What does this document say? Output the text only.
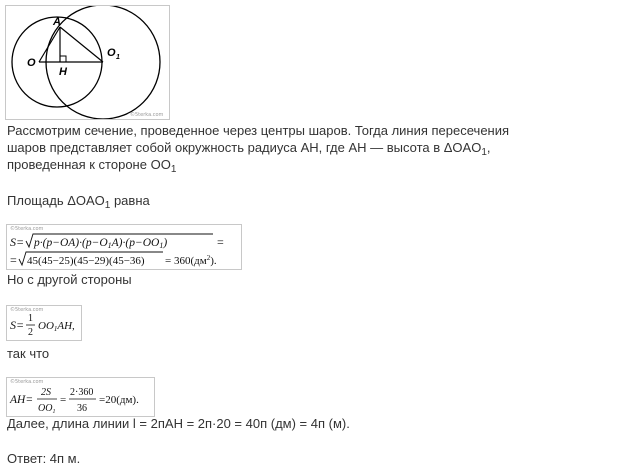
A
O
O 1
H
©5terka.com
Рассмотрим сечение, проведенное через центры шаров. Тогда линия пересечения
шаров представляет собой окружность радиуса AH, где AH — высота в $\Delta OAO_1$,
проведенная к стороне $OO_1$
Площадь $\Delta OAO_1$ равна
©5terka.com
S= p·(p−OA)·(p−O1A)·(p−OO1)	=
= $45(45-25)(45-29)(45-36) = 360(дм^2)$.
Но с другой стороны
©5terka.com
S= 1
2
OO1AH,
так что
©5terka.com
AH=
2S
$OO_1$
=
2·360
36
=20(дм).
Далее, длина линии l = 2пAH = 2п·20 = 40п (дм) = 4п (м).
Ответ: 4п м.
